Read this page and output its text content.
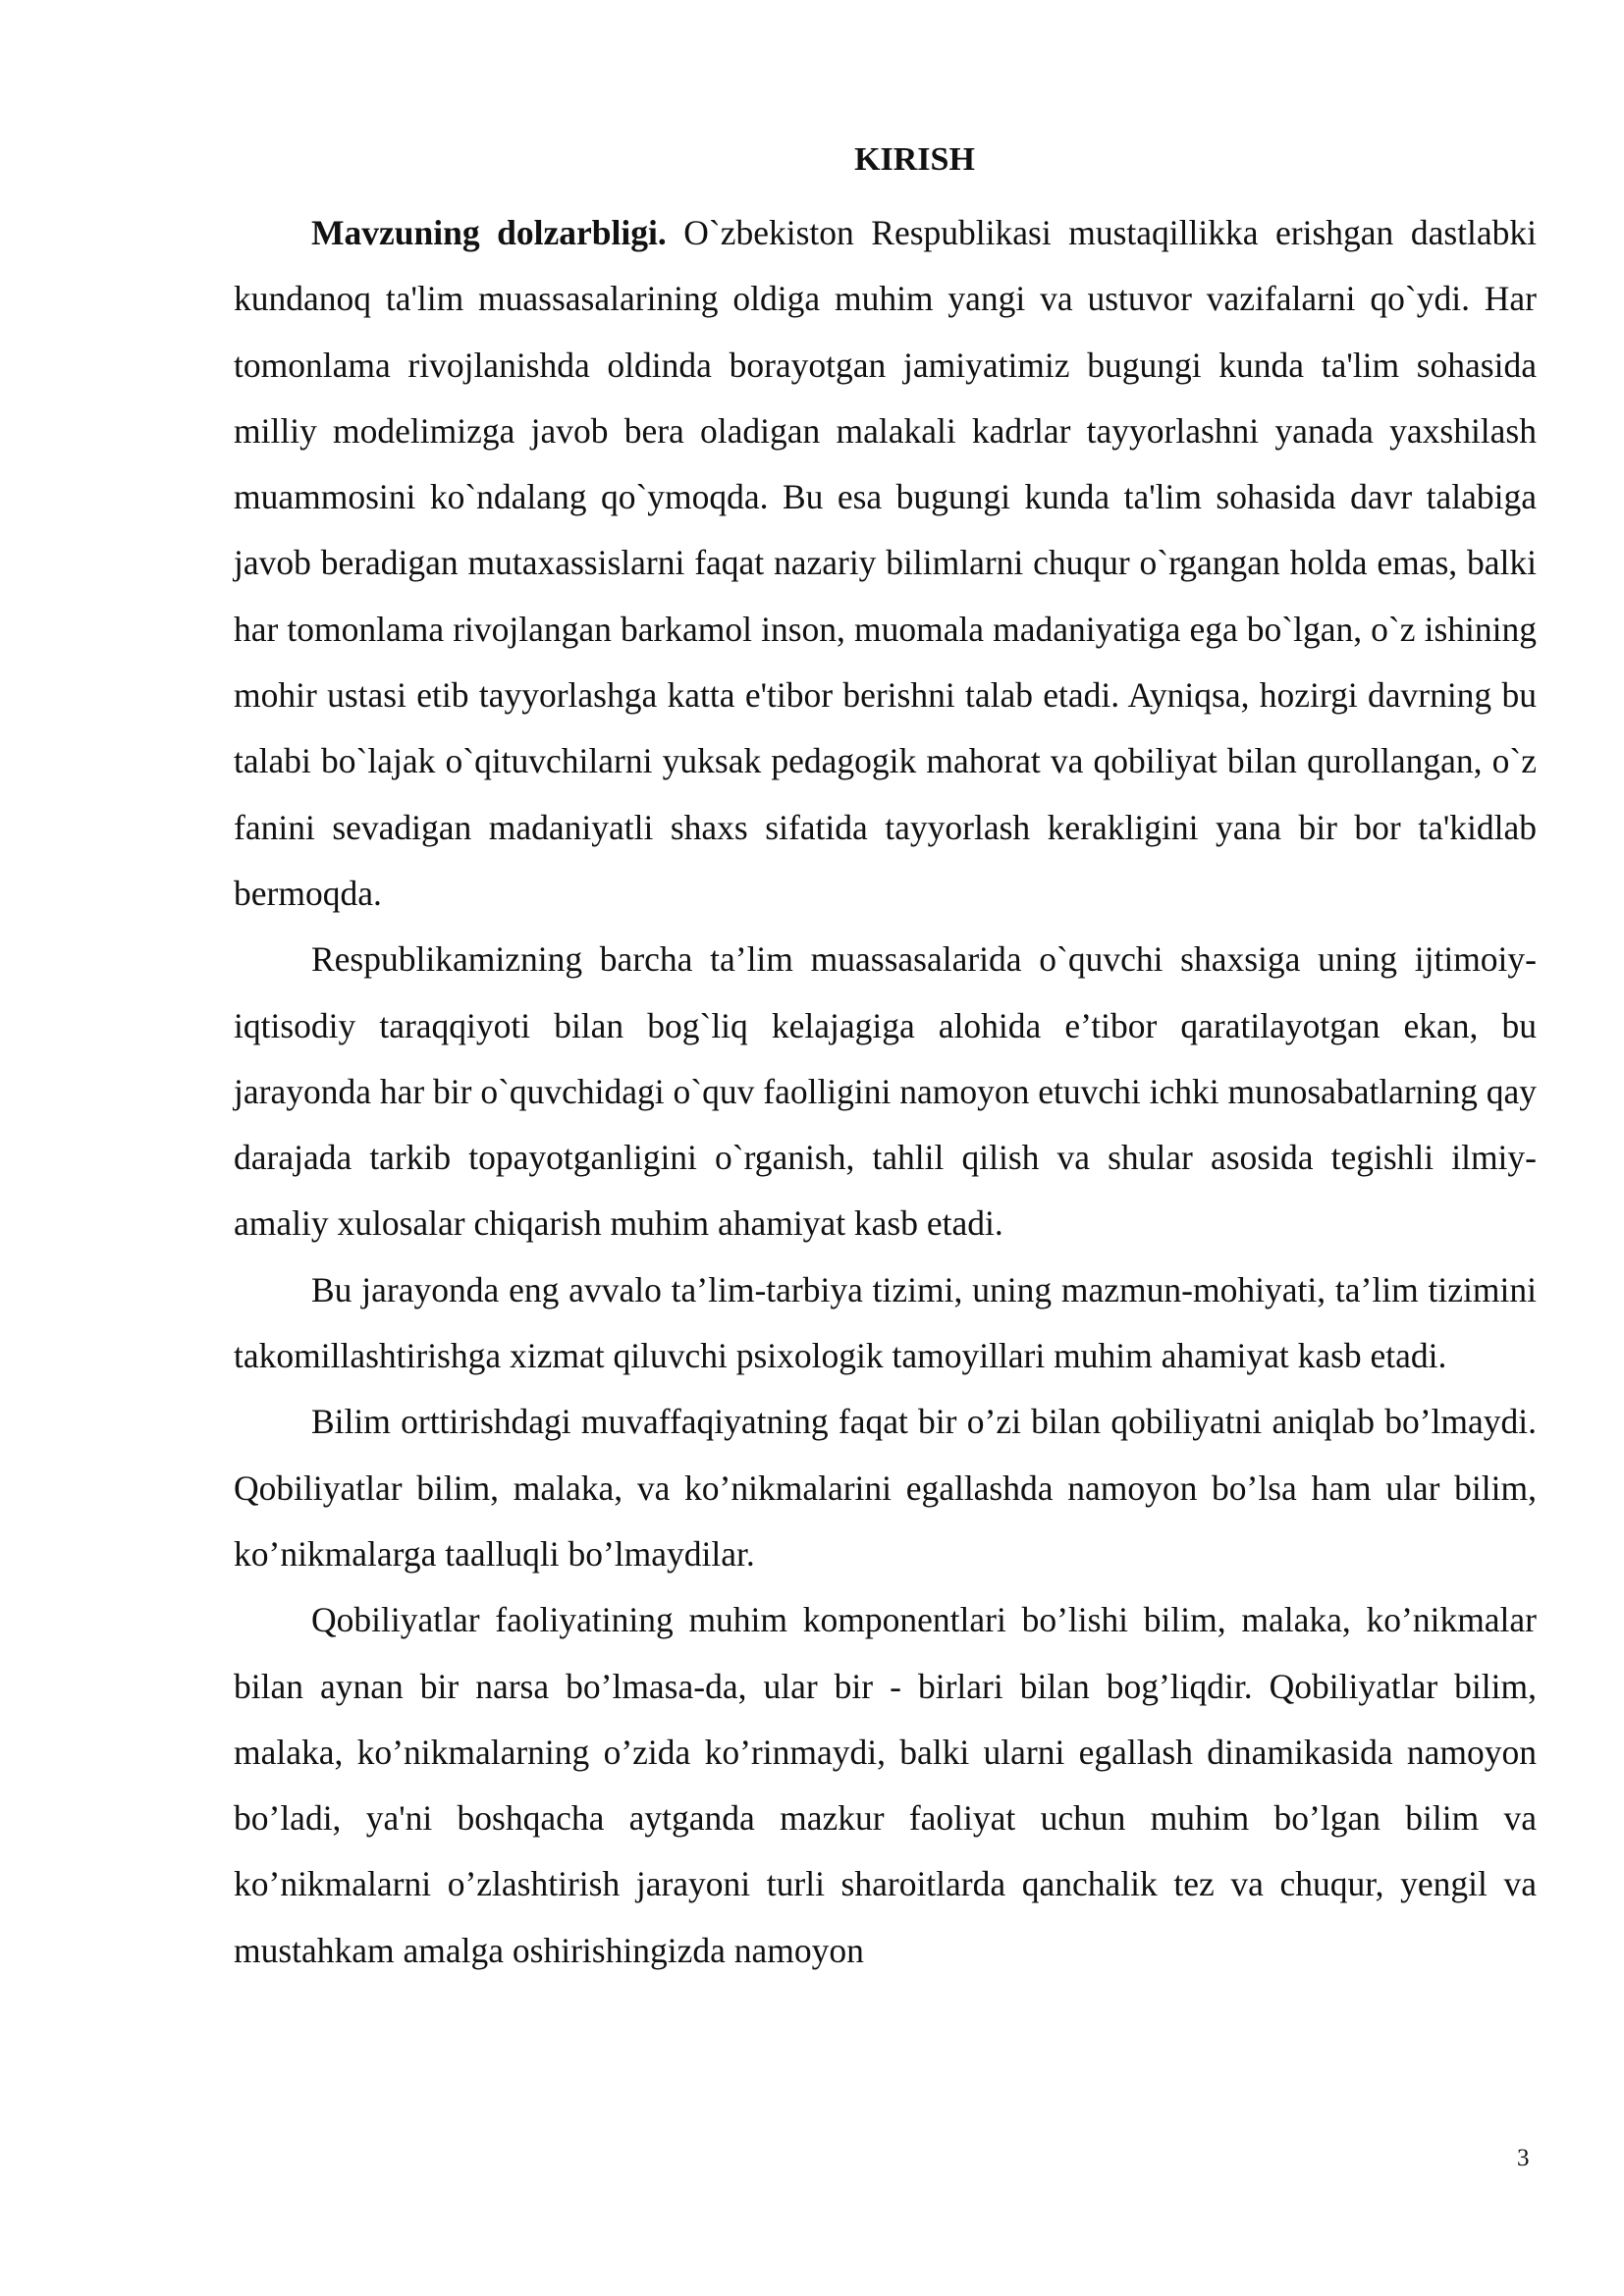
KIRISH

Mavzuning dolzarbligi. O`zbekiston Respublikasi mustaqillikka erishgan dastlabki kundanoq ta'lim muassasalarining oldiga muhim yangi va ustuvor vazifalarni qo`ydi. Har tomonlama rivojlanishda oldinda borayotgan jamiyatimiz bugungi kunda ta'lim sohasida milliy modelimizga javob bera oladigan malakali kadrlar tayyorlashni yanada yaxshilash muammosini ko`ndalang qo`ymoqda. Bu esa bugungi kunda ta'lim sohasida davr talabiga javob beradigan mutaxassislarni faqat nazariy bilimlarni chuqur o`rgangan holda emas, balki har tomonlama rivojlangan barkamol inson, muomala madaniyatiga ega bo`lgan, o`z ishining mohir ustasi etib tayyorlashga katta e'tibor berishni talab etadi. Ayniqsa, hozirgi davrning bu talabi bo`lajak o`qituvchilarni yuksak pedagogik mahorat va qobiliyat bilan qurollangan, o`z fanini sevadigan madaniyatli shaxs sifatida tayyorlash kerakligini yana bir bor ta'kidlab bermoqda.

Respublikamizning barcha ta’lim muassasalarida o`quvchi shaxsiga uning ijtimoiy-iqtisodiy taraqqiyoti bilan bog`liq kelajagiga alohida e’tibor qaratilayotgan ekan, bu jarayonda har bir o`quvchidagi o`quv faolligini namoyon etuvchi ichki munosabatlarning qay darajada tarkib topayotganligini o`rganish, tahlil qilish va shular asosida tegishli ilmiy-amaliy xulosalar chiqarish muhim ahamiyat kasb etadi.

Bu jarayonda eng avvalo ta’lim-tarbiya tizimi, uning mazmun-mohiyati, ta’lim tizimini takomillashtirishga xizmat qiluvchi psixologik tamoyillari muhim ahamiyat kasb etadi.

Bilim orttirishdagi muvaffaqiyatning faqat bir o’zi bilan qobiliyatni aniqlab bo’lmaydi. Qobiliyatlar bilim, malaka, va ko’nikmalarini egallashda namoyon bo’lsa ham ular bilim, ko’nikmalarga taalluqli bo’lmaydilar.

Qobiliyatlar faoliyatining muhim komponentlari bo’lishi bilim, malaka, ko’nikmalar bilan aynan bir narsa bo’lmasa-da, ular bir - birlari bilan bog’liqdir. Qobiliyatlar bilim, malaka, ko’nikmalarning o’zida ko’rinmaydi, balki ularni egallash dinamikasida namoyon bo’ladi, ya'ni boshqacha aytganda mazkur faoliyat uchun muhim bo’lgan bilim va ko’nikmalarni o’zlashtirish jarayoni turli sharoitlarda qanchalik tez va chuqur, yengil va mustahkam amalga oshirishingizda namoyon

3
